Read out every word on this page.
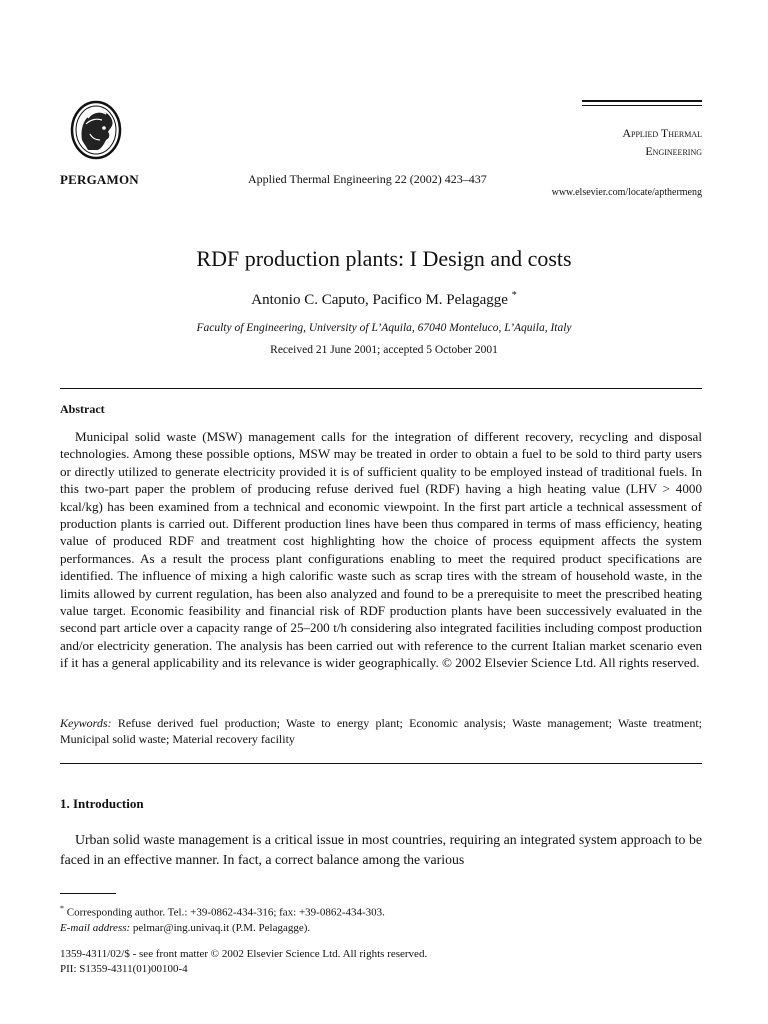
PERGAMON	Applied Thermal Engineering 22 (2002) 423–437
Applied Thermal
Engineering
www.elsevier.com/locate/apthermeng
RDF production plants: I Design and costs
Antonio C. Caputo, Pacifico M. Pelagagge *
Faculty of Engineering, University of L’Aquila, 67040 Monteluco, L’Aquila, Italy
Received 21 June 2001; accepted 5 October 2001
Abstract

Municipal solid waste (MSW) management calls for the integration of different recovery, recycling and disposal technologies. Among these possible options, MSW may be treated in order to obtain a fuel to be sold to third party users or directly utilized to generate electricity provided it is of sufficient quality to be employed instead of traditional fuels. In this two-part paper the problem of producing refuse derived fuel (RDF) having a high heating value (LHV > 4000 kcal/kg) has been examined from a technical and economic viewpoint. In the first part article a technical assessment of production plants is carried out. Different production lines have been thus compared in terms of mass efficiency, heating value of produced RDF and treatment cost highlighting how the choice of process equipment affects the system performances. As a result the process plant configurations enabling to meet the required product specifications are identified. The influence of mixing a high calorific waste such as scrap tires with the stream of household waste, in the limits allowed by current regulation, has been also analyzed and found to be a prerequisite to meet the prescribed heating value target. Economic feasibility and financial risk of RDF production plants have been successively evaluated in the second part article over a capacity range of 25–200 t/h considering also integrated facilities including compost production and/or electricity generation. The analysis has been carried out with reference to the current Italian market scenario even if it has a general applicability and its relevance is wider geographically. © 2002 Elsevier Science Ltd. All rights reserved.

Keywords: Refuse derived fuel production; Waste to energy plant; Economic analysis; Waste management; Waste treatment; Municipal solid waste; Material recovery facility

1. Introduction

Urban solid waste management is a critical issue in most countries, requiring an integrated system approach to be faced in an effective manner. In fact, a correct balance among the various

* Corresponding author. Tel.: +39-0862-434-316; fax: +39-0862-434-303.
E-mail address: pelmar@ing.univaq.it (P.M. Pelagagge).
1359-4311/02/$ - see front matter © 2002 Elsevier Science Ltd. All rights reserved.
PII: S1359-4311(01)00100-4
